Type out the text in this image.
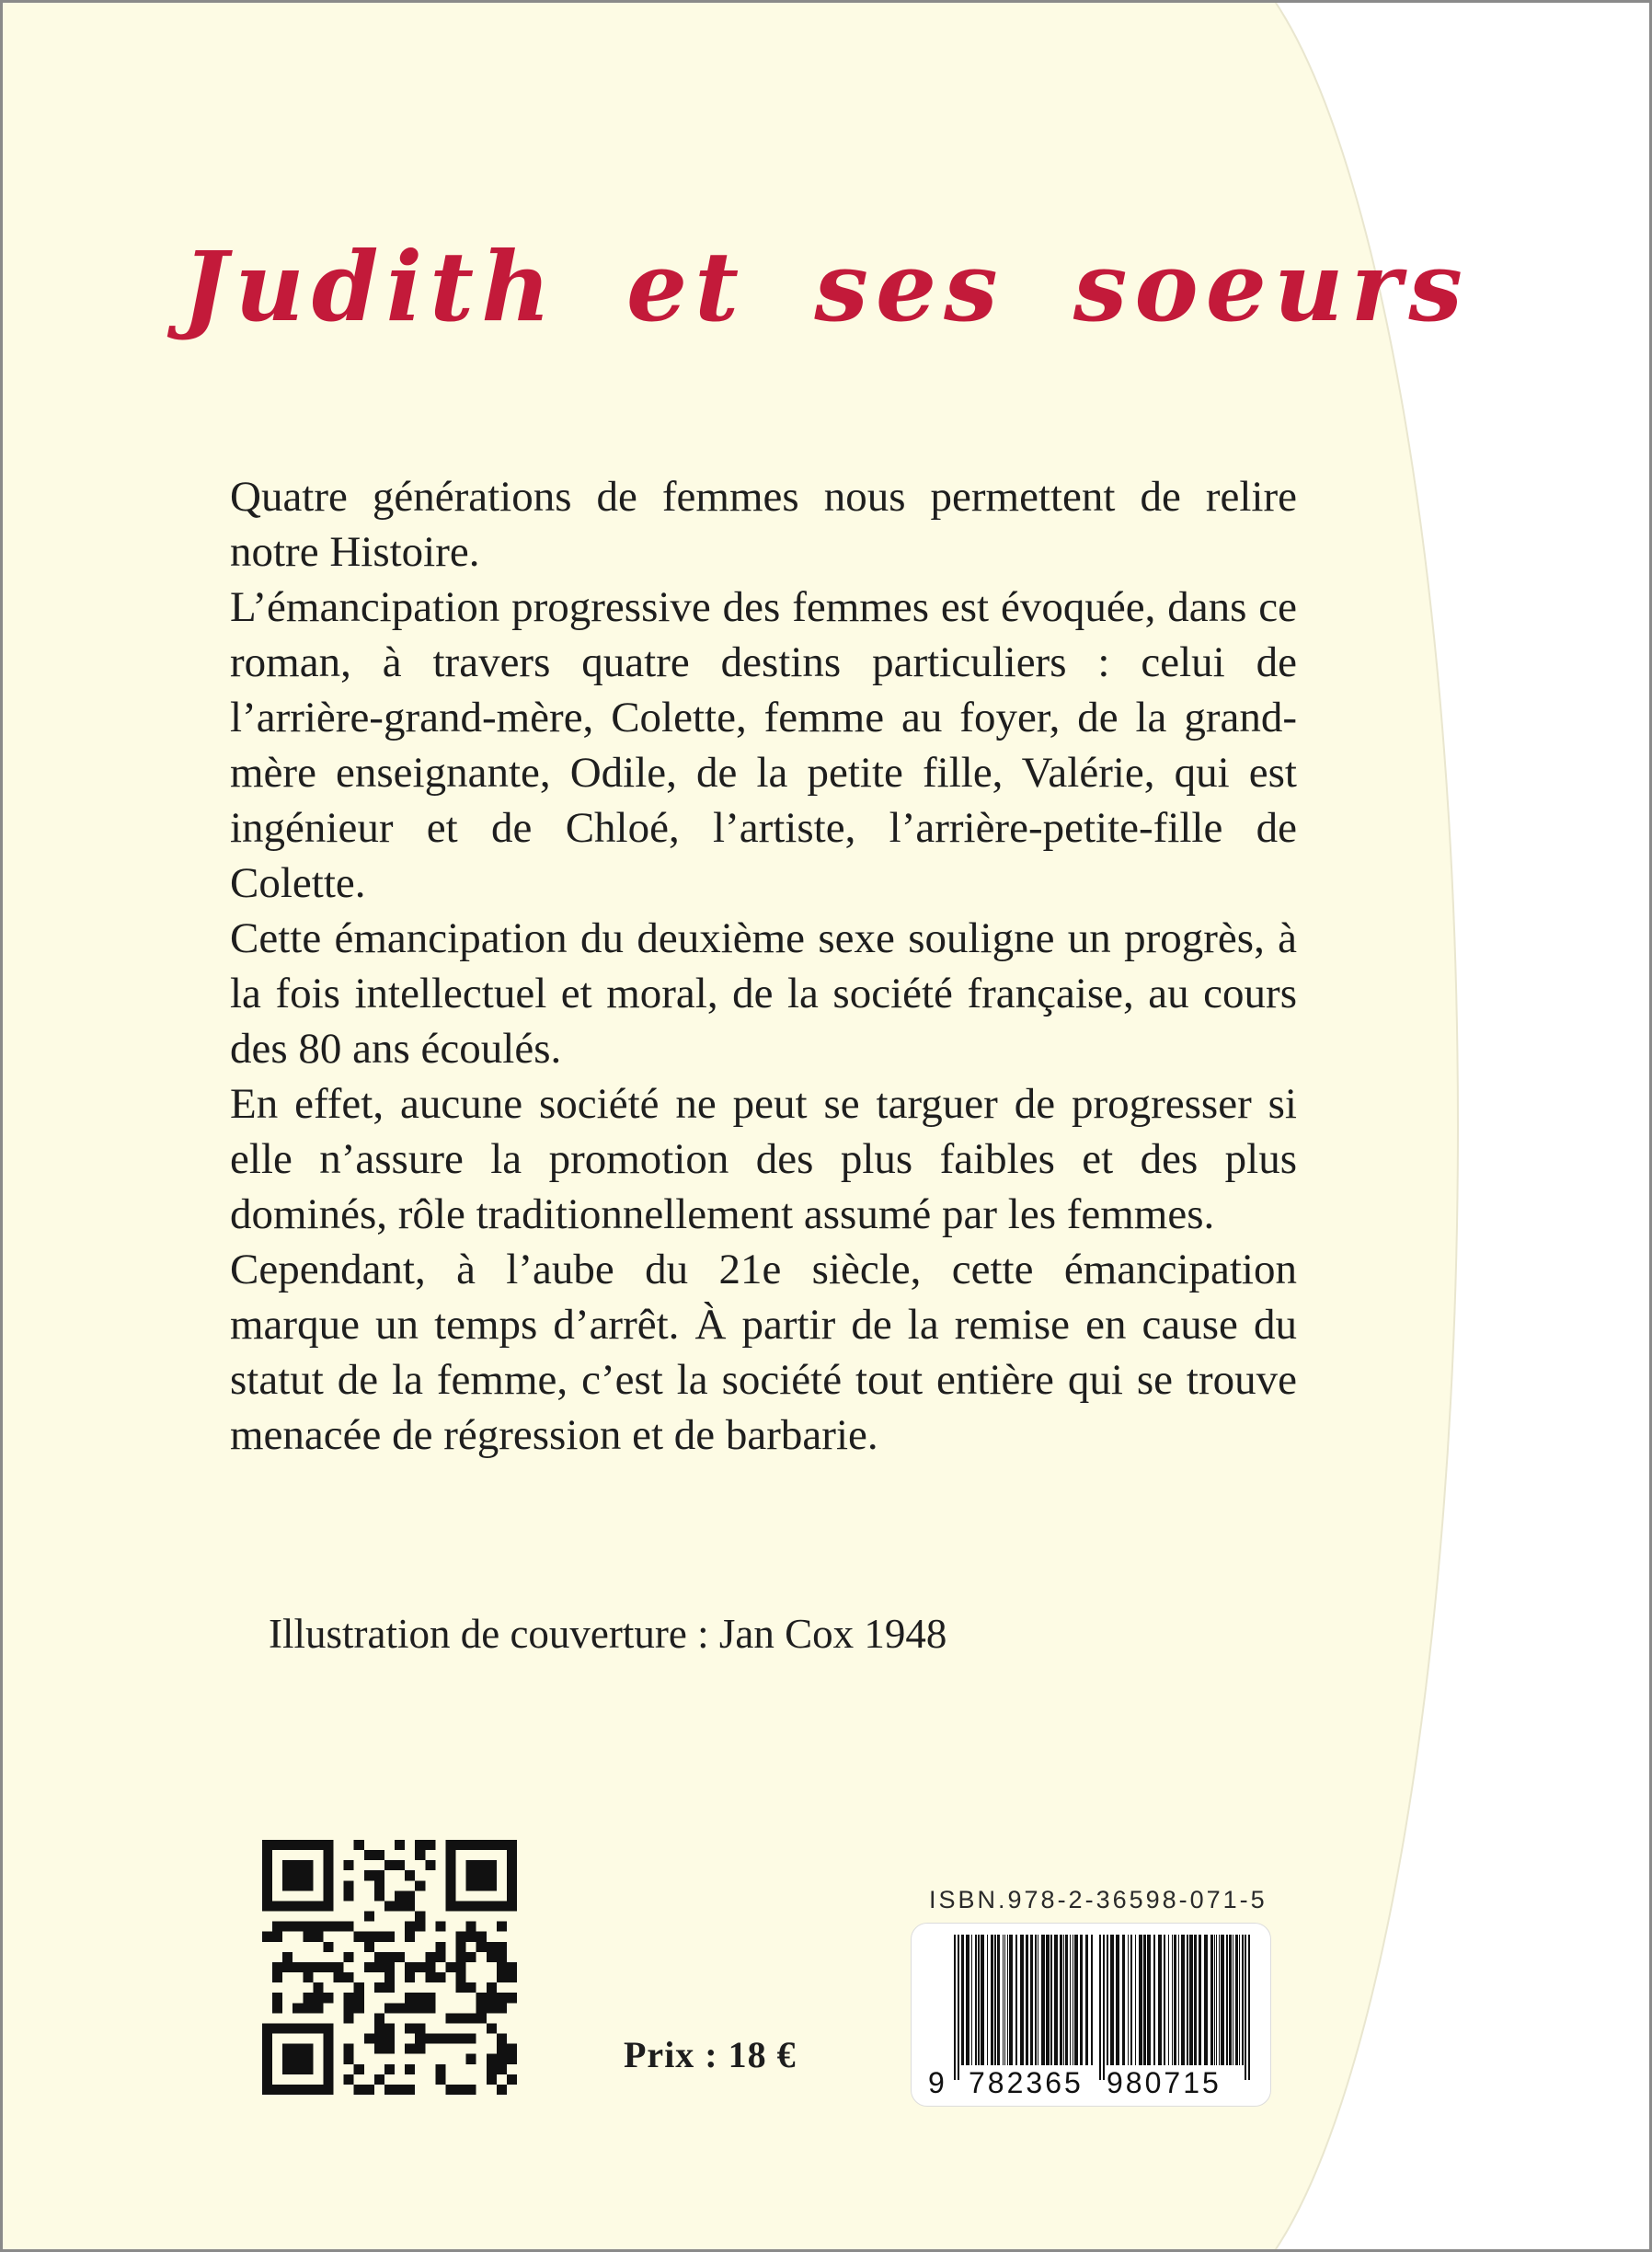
Judith et ses soeurs

Quatre générations de femmes nous permettent de relire notre Histoire.

L’émancipation progressive des femmes est évoquée, dans ce roman, à travers quatre destins particuliers : celui de l’arrière-grand-mère, Colette, femme au foyer, de la grand-mère enseignante, Odile, de la petite fille, Valérie, qui est ingénieur et de Chloé, l’artiste, l’arrière-petite-fille de Colette.

Cette émancipation du deuxième sexe souligne un progrès, à la fois intellectuel et moral, de la société française, au cours des 80 ans écoulés.

En effet, aucune société ne peut se targuer de progresser si elle n’assure la promotion des plus faibles et des plus dominés, rôle traditionnellement assumé par les femmes.

Cependant, à l’aube du 21e siècle, cette émancipation marque un temps d’arrêt. À partir de la remise en cause du statut de la femme, c’est la société tout entière qui se trouve menacée de régression et de barbarie.

Illustration de couverture : Jan Cox 1948

Prix : 18 €
ISBN.978-2-36598-071-5
9 782365 980715
